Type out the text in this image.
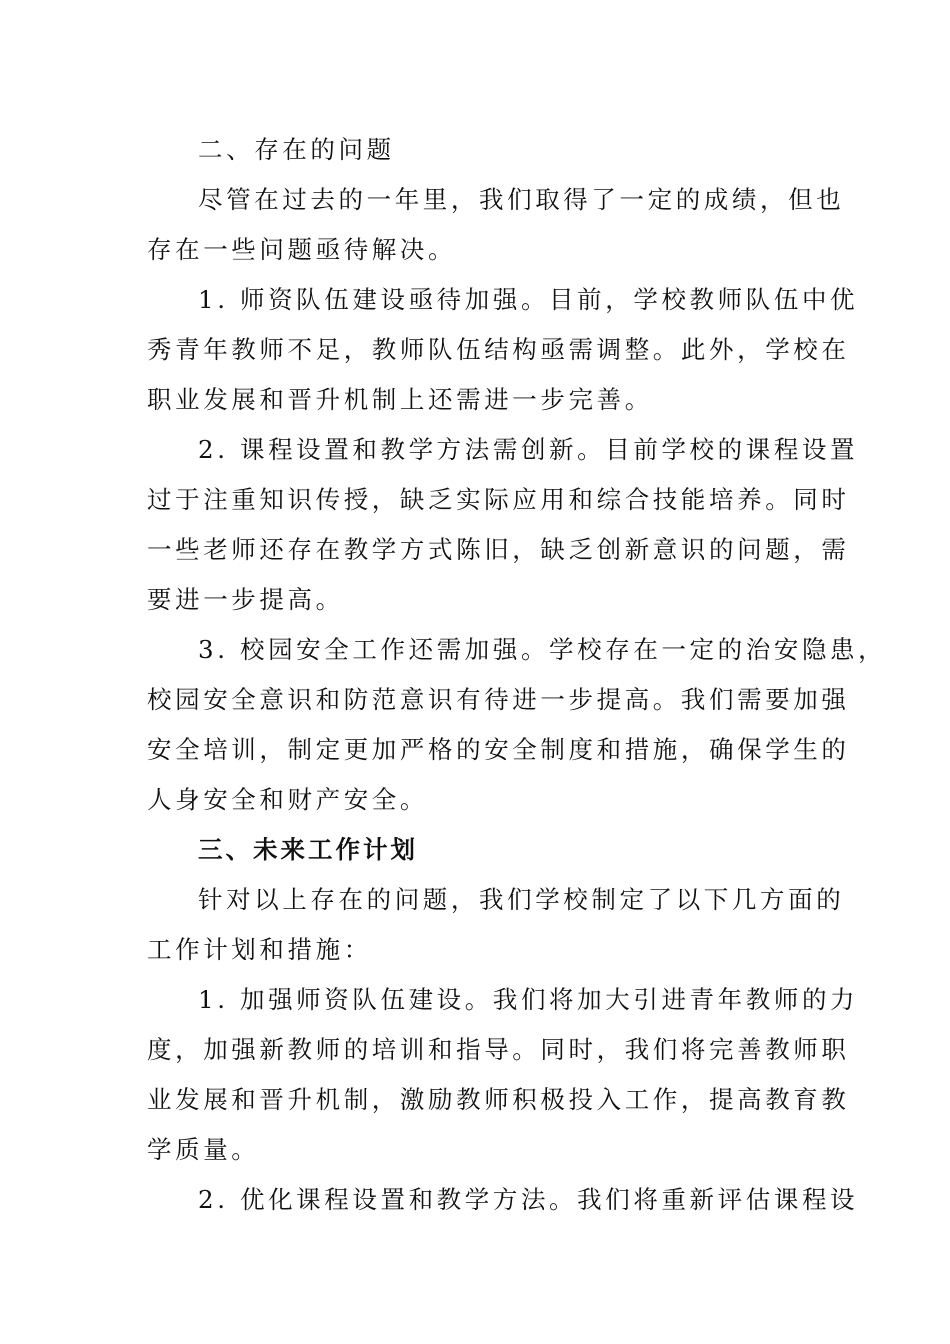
二、存在的问题

尽管在过去的一年里，我们取得了一定的成绩，但也
存在一些问题亟待解决。

1. 师资队伍建设亟待加强。目前，学校教师队伍中优
秀青年教师不足，教师队伍结构亟需调整。此外，学校在
职业发展和晋升机制上还需进一步完善。

2. 课程设置和教学方法需创新。目前学校的课程设置
过于注重知识传授，缺乏实际应用和综合技能培养。同时
一些老师还存在教学方式陈旧，缺乏创新意识的问题，需
要进一步提高。

3. 校园安全工作还需加强。学校存在一定的治安隐患，
校园安全意识和防范意识有待进一步提高。我们需要加强
安全培训，制定更加严格的安全制度和措施，确保学生的
人身安全和财产安全。

三、未来工作计划

针对以上存在的问题，我们学校制定了以下几方面的
工作计划和措施：

1. 加强师资队伍建设。我们将加大引进青年教师的力
度，加强新教师的培训和指导。同时，我们将完善教师职
业发展和晋升机制，激励教师积极投入工作，提高教育教
学质量。

2. 优化课程设置和教学方法。我们将重新评估课程设
